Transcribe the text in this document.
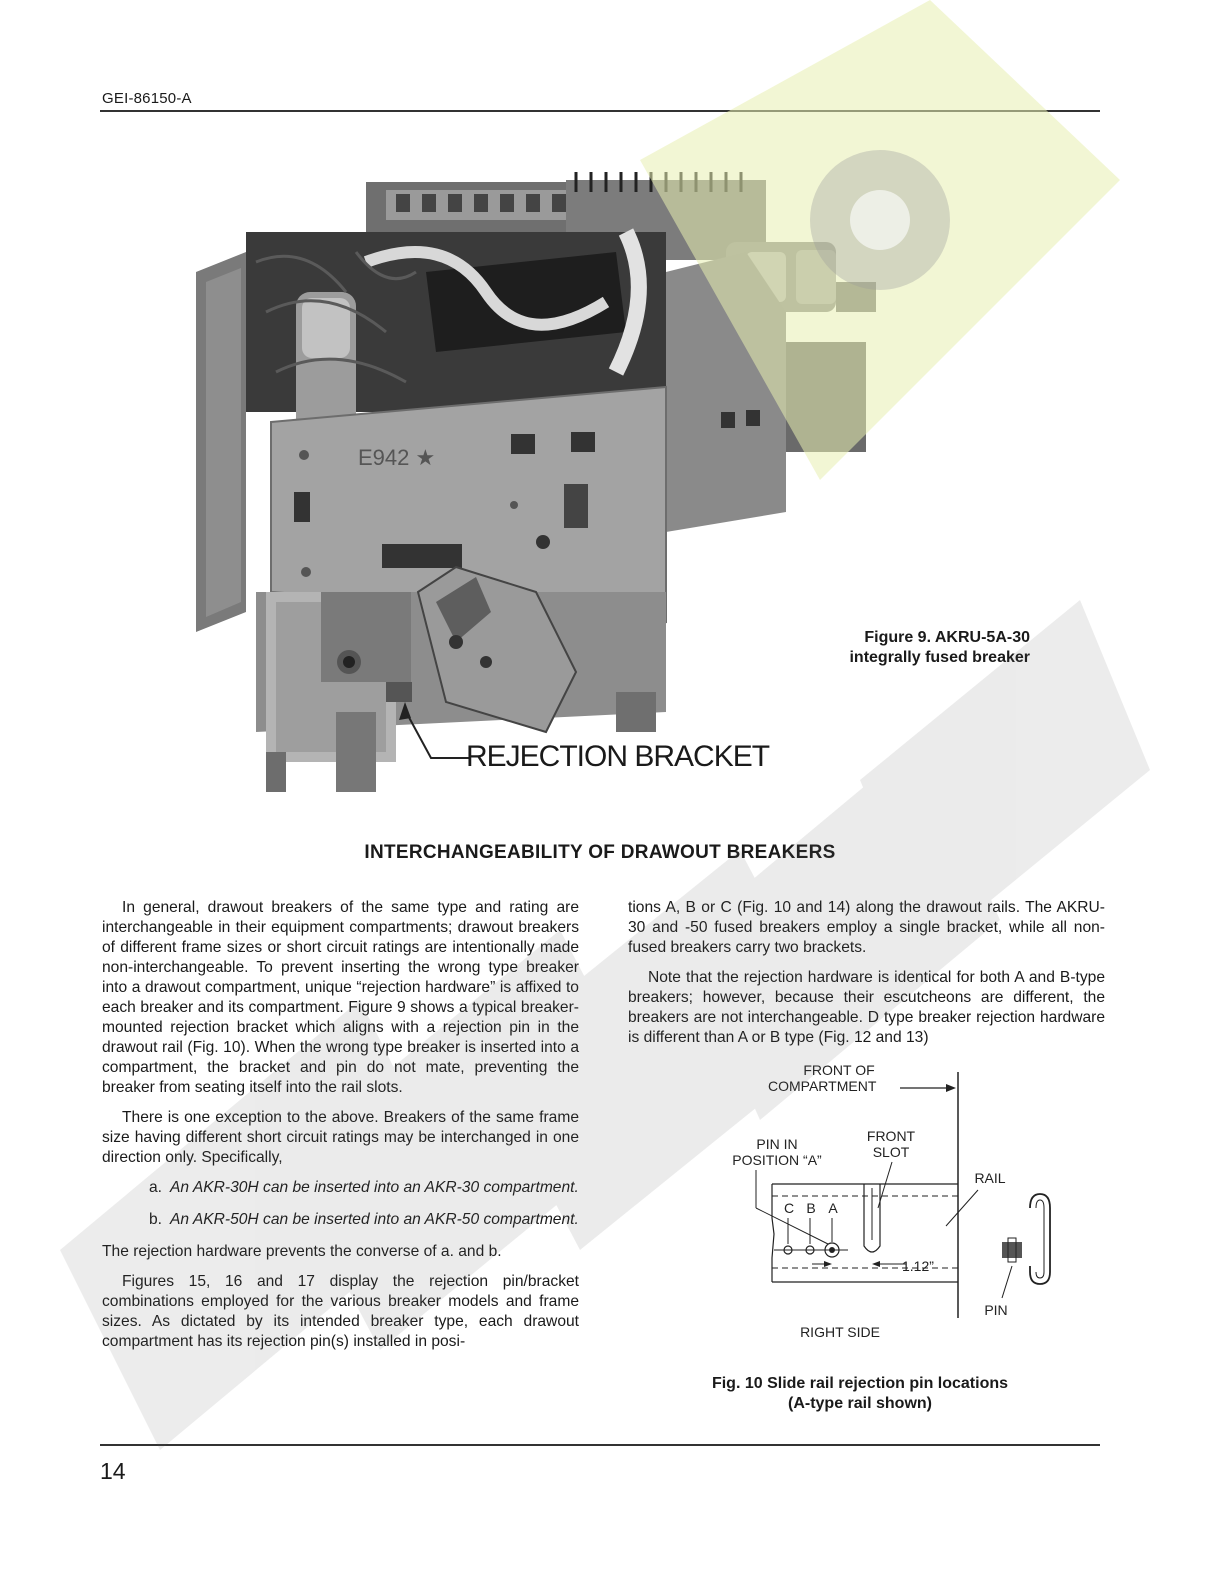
GEI-86150-A
E942 ★
Figure 9. AKRU-5A-30
integrally fused breaker
REJECTION BRACKET
INTERCHANGEABILITY OF DRAWOUT BREAKERS

In general, drawout breakers of the same type and rating are interchangeable in their equipment compartments; drawout breakers of different frame sizes or short circuit ratings are intentionally made non-interchangeable. To prevent inserting the wrong type breaker into a drawout compartment, unique “rejection hardware” is affixed to each breaker and its compartment. Figure 9 shows a typical breaker-mounted rejection bracket which aligns with a rejection pin in the drawout rail (Fig. 10). When the wrong type breaker is inserted into a compartment, the bracket and pin do not mate, preventing the breaker from seating itself into the rail slots.

There is one exception to the above. Breakers of the same frame size having different short circuit ratings may be interchanged in one direction only. Specifically,

a. An AKR-30H can be inserted into an AKR-30 compartment.
b. An AKR-50H can be inserted into an AKR-50 compartment.

The rejection hardware prevents the converse of a. and b.

Figures 15, 16 and 17 display the rejection pin/bracket combinations employed for the various breaker models and frame sizes. As dictated by its intended breaker type, each drawout compartment has its rejection pin(s) installed in posi-

tions A, B or C (Fig. 10 and 14) along the drawout rails. The AKRU-30 and -50 fused breakers employ a single bracket, while all non-fused breakers carry two brackets.

Note that the rejection hardware is identical for both A and B-type breakers; however, because their escutcheons are different, the breakers are not interchangeable. D type breaker rejection hardware is different than A or B type (Fig. 12 and 13)

FRONT OF
COMPARTMENT
PIN IN
POSITION “A”
FRONT
SLOT
RAIL
C B A
1.12”
PIN
RIGHT SIDE
Fig. 10 Slide rail rejection pin locations
(A-type rail shown)
14
